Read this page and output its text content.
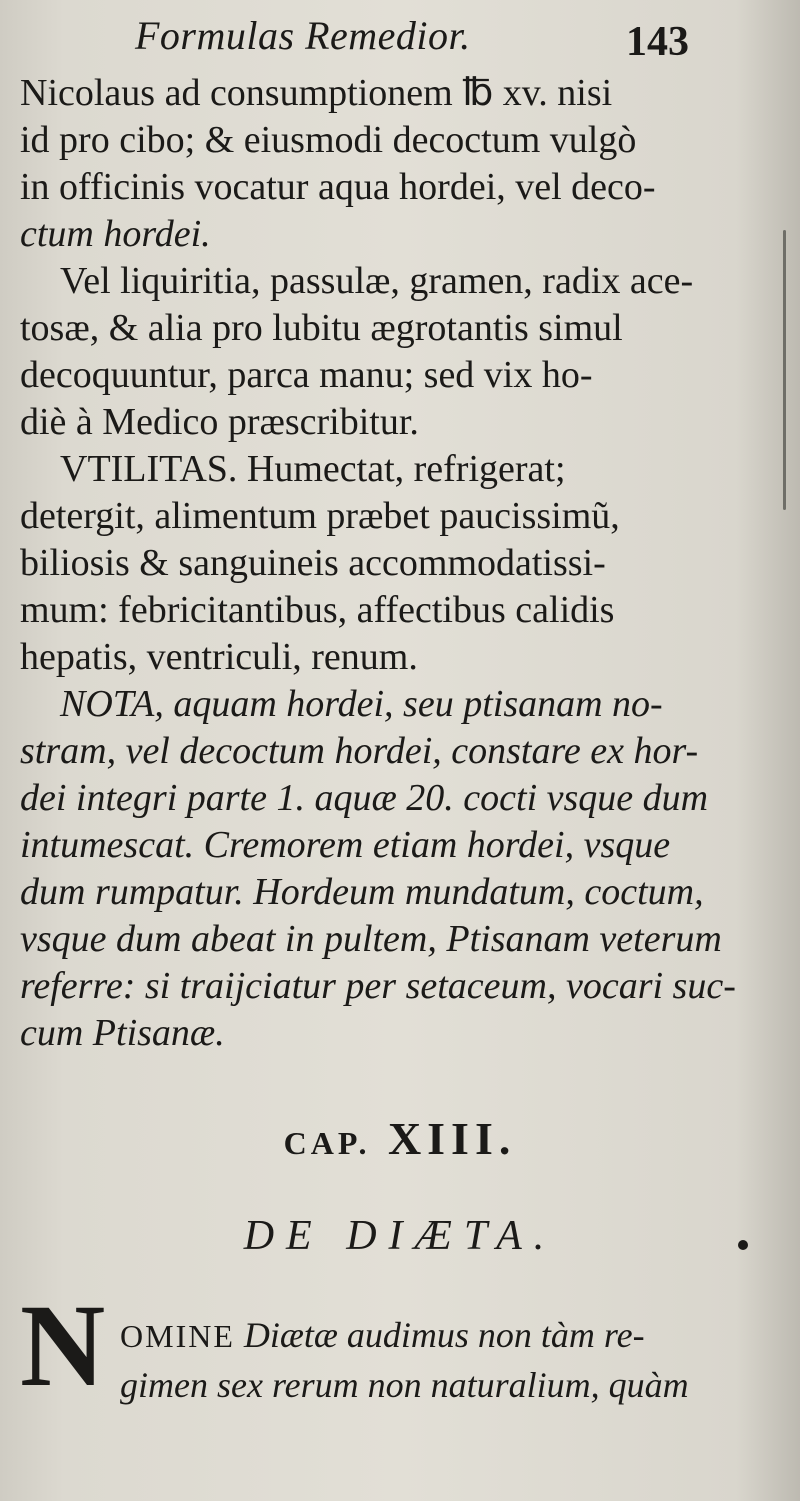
Formulas Remedior.	143
Nicolaus ad consumptionem ℔ xv. nisi
id pro cibo; & eiusmodi decoctum vulgò
in officinis vocatur aqua hordei, vel deco-
ctum hordei.
Vel liquiritia, passulæ, gramen, radix ace-
tosæ, & alia pro lubitu ægrotantis simul
decoquuntur, parca manu; sed vix ho-
diè à Medico præscribitur.
VTILITAS. Humectat, refrigerat;
detergit, alimentum præbet paucissimũ,
biliosis & sanguineis accommodatissi-
mum: febricitantibus, affectibus calidis
hepatis, ventriculi, renum.
NOTA, aquam hordei, seu ptisanam no-
stram, vel decoctum hordei, constare ex hor-
dei integri parte 1. aquæ 20. cocti vsque dum
intumescat. Cremorem etiam hordei, vsque
dum rumpatur. Hordeum mundatum, coctum,
vsque dum abeat in pultem, Ptisanam veterum
referre: si traijciatur per setaceum, vocari suc-
cum Ptisanæ.
CAP. XIII.
DE DIÆTA.
N OMINE Diætæ audimus non tàm re-
gimen sex rerum non naturalium, quàm
